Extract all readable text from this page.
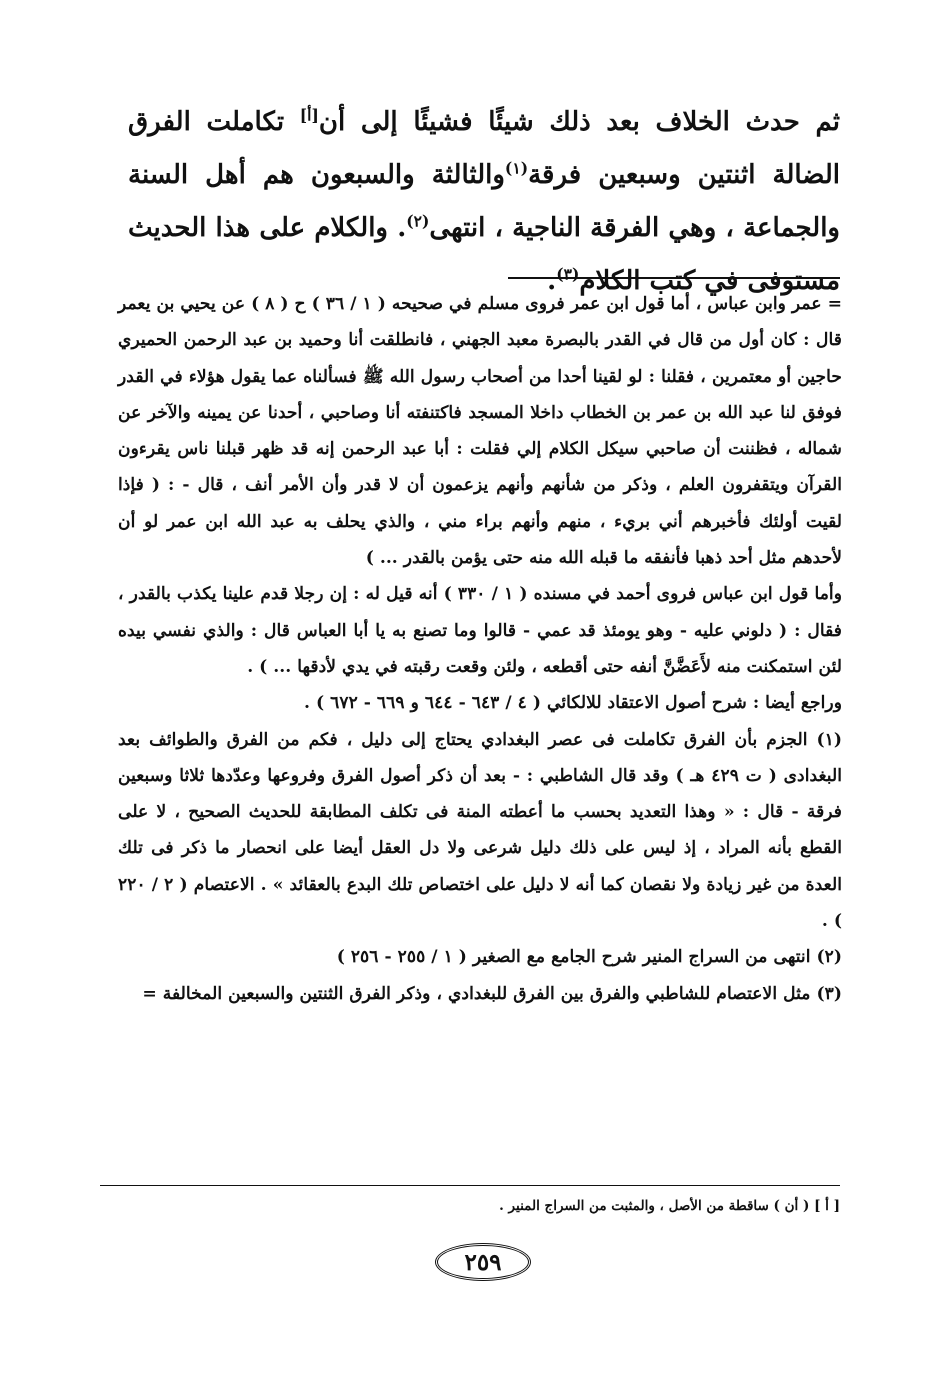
ثم حدث الخلاف بعد ذلك شيئًا فشيئًا إلى أن[أ] تكاملت الفرق الضالة اثنتين وسبعين فرقة$^{(١)}$والثالثة والسبعون هم أهل السنة والجماعة ، وهي الفرقة الناجية ، انتهى$^{(٢)}$. والكلام على هذا الحديث مستوفى في كتب الكلام$^{(٣)}$.

= عمر وابن عباس ، أما قول ابن عمر فروى مسلم في صحيحه ( ١ / ٣٦ ) ح ( ٨ ) عن يحيي بن يعمر قال : كان أول من قال في القدر بالبصرة معبد الجهني ، فانطلقت أنا وحميد بن عبد الرحمن الحميري حاجين أو معتمرين ، فقلنا : لو لقينا أحدا من أصحاب رسول الله ﷺ فسألناه عما يقول هؤلاء في القدر فوفق لنا عبد الله بن عمر بن الخطاب داخلا المسجد فاكتنفته أنا وصاحبي ، أحدنا عن يمينه والآخر عن شماله ، فظننت أن صاحبي سيكل الكلام إلي فقلت : أبا عبد الرحمن إنه قد ظهر قبلنا ناس يقرءون القرآن ويتقفرون العلم ، وذكر من شأنهم وأنهم يزعمون أن لا قدر وأن الأمر أنف ، قال - : ( فإذا لقيت أولئك فأخبرهم أني بريء ، منهم وأنهم براء مني ، والذي يحلف به عبد الله ابن عمر لو أن لأحدهم مثل أحد ذهبا فأنفقه ما قبله الله منه حتى يؤمن بالقدر ... )

وأما قول ابن عباس فروى أحمد في مسنده ( ١ / ٣٣٠ ) أنه قيل له : إن رجلا قدم علينا يكذب بالقدر ، فقال : ( دلوني عليه - وهو يومئذ قد عمي - قالوا وما تصنع به يا أبا العباس قال : والذي نفسي بيده لئن استمكنت منه لأَعَضَّنَّ أنفه حتى أقطعه ، ولئن وقعت رقبته في يدي لأدقها ... ) .

وراجع أيضا : شرح أصول الاعتقاد للالكائي ( ٤ / ٦٤٣ - ٦٤٤ و ٦٦٩ - ٦٧٢ ) .

(١) الجزم بأن الفرق تكاملت فى عصر البغدادي يحتاج إلى دليل ، فكم من الفرق والطوائف بعد البغدادى ( ت ٤٢٩ هـ ) وقد قال الشاطبي : - بعد أن ذكر أصول الفرق وفروعها وعدّدها ثلاثا وسبعين فرقة - قال : « وهذا التعديد بحسب ما أعطته المنة فى تكلف المطابقة للحديث الصحيح ، لا على القطع بأنه المراد ، إذ ليس على ذلك دليل شرعى ولا دل العقل أيضا على انحصار ما ذكر فى تلك العدة من غير زيادة ولا نقصان كما أنه لا دليل على اختصاص تلك البدع بالعقائد » . الاعتصام ( ٢ / ٢٢٠ ) .

(٢) انتهى من السراج المنير شرح الجامع مع الصغير ( ١ / ٢٥٥ - ٢٥٦ )

(٣) مثل الاعتصام للشاطبي والفرق بين الفرق للبغدادي ، وذكر الفرق الثنتين والسبعين المخالفة =

[ أ ] ( أن ) ساقطة من الأصل ، والمثبت من السراج المنير .
٢٥٩
